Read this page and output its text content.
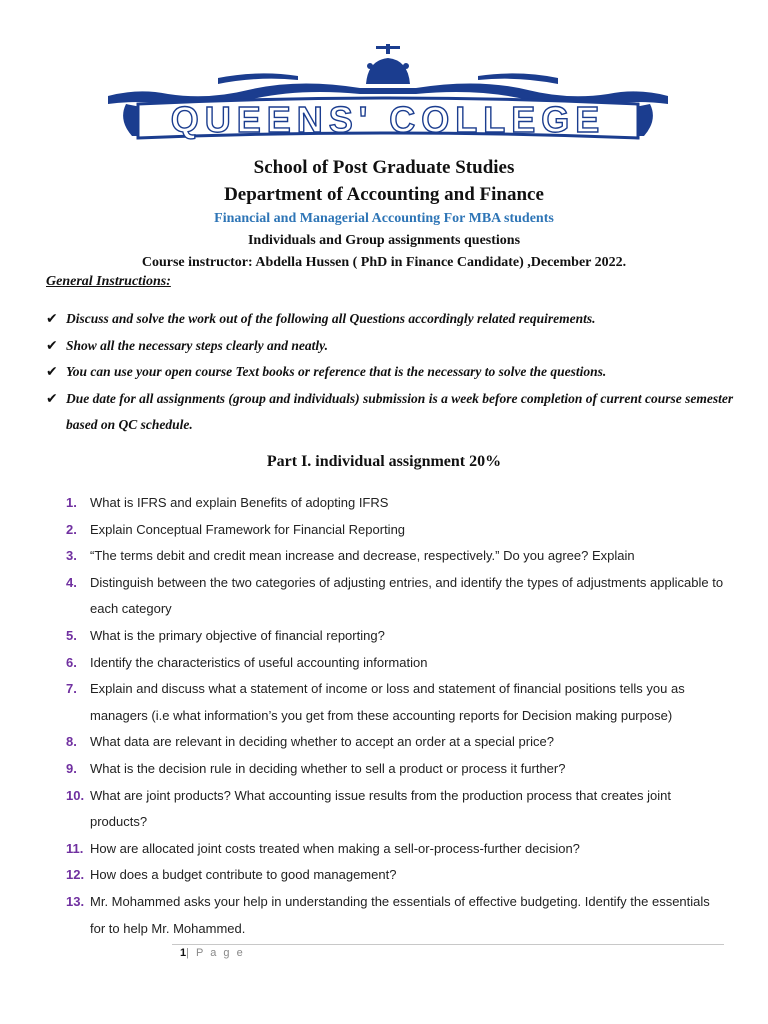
QUEENS' COLLEGE
School of Post Graduate Studies
Department of Accounting and Finance
Financial and Managerial Accounting For MBA students
Individuals and Group assignments questions
Course instructor: Abdella Hussen ( PhD in Finance Candidate) ,December 2022.
General Instructions:
✔ Discuss and solve the work out of the following all Questions accordingly related requirements.
✔ Show all the necessary steps clearly and neatly.
✔ You can use your open course Text books or reference that is the necessary to solve the questions.
✔ Due date for all assignments (group and individuals) submission is a week before completion of current course semester based on QC schedule.
Part I. individual assignment 20%
1. What is IFRS and explain Benefits of adopting IFRS
2. Explain Conceptual Framework for Financial Reporting
3. “The terms debit and credit mean increase and decrease, respectively.” Do you agree? Explain
4. Distinguish between the two categories of adjusting entries, and identify the types of adjustments applicable to each category
5. What is the primary objective of financial reporting?
6. Identify the characteristics of useful accounting information
7. Explain and discuss what a statement of income or loss and statement of financial positions tells you as managers (i.e what information’s you get from these accounting reports for Decision making purpose)
8. What data are relevant in deciding whether to accept an order at a special price?
9. What is the decision rule in deciding whether to sell a product or process it further?
10. What are joint products? What accounting issue results from the production process that creates joint products?
11. How are allocated joint costs treated when making a sell-or-process-further decision?
12. How does a budget contribute to good management?
13. Mr. Mohammed asks your help in understanding the essentials of effective budgeting. Identify the essentials for to help Mr. Mohammed.
1| P a g e
